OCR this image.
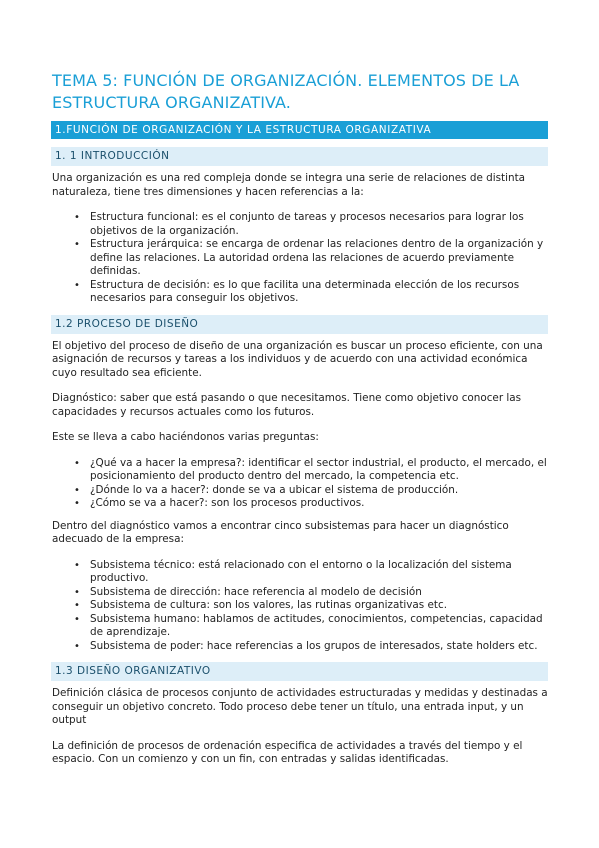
TEMA 5: FUNCIÓN DE ORGANIZACIÓN. ELEMENTOS DE LA ESTRUCTURA ORGANIZATIVA.
1.FUNCIÓN DE ORGANIZACIÓN Y LA ESTRUCTURA ORGANIZATIVA
1. 1 INTRODUCCIÓN

Una organización es una red compleja donde se integra una serie de relaciones de distinta naturaleza, tiene tres dimensiones y hacen referencias a la:

• Estructura funcional: es el conjunto de tareas y procesos necesarios para lograr los objetivos de la organización.
• Estructura jerárquica: se encarga de ordenar las relaciones dentro de la organización y define las relaciones. La autoridad ordena las relaciones de acuerdo previamente definidas.
• Estructura de decisión: es lo que facilita una determinada elección de los recursos necesarios para conseguir los objetivos.
1.2 PROCESO DE DISEÑO

El objetivo del proceso de diseño de una organización es buscar un proceso eficiente, con una asignación de recursos y tareas a los individuos y de acuerdo con una actividad económica cuyo resultado sea eficiente.

Diagnóstico: saber que está pasando o que necesitamos. Tiene como objetivo conocer las capacidades y recursos actuales como los futuros.

Este se lleva a cabo haciéndonos varias preguntas:

• ¿Qué va a hacer la empresa?: identificar el sector industrial, el producto, el mercado, el posicionamiento del producto dentro del mercado, la competencia etc.
• ¿Dónde lo va a hacer?: donde se va a ubicar el sistema de producción.
• ¿Cómo se va a hacer?: son los procesos productivos.

Dentro del diagnóstico vamos a encontrar cinco subsistemas para hacer un diagnóstico adecuado de la empresa:

• Subsistema técnico: está relacionado con el entorno o la localización del sistema productivo.
• Subsistema de dirección: hace referencia al modelo de decisión
• Subsistema de cultura: son los valores, las rutinas organizativas etc.
• Subsistema humano: hablamos de actitudes, conocimientos, competencias, capacidad de aprendizaje.
• Subsistema de poder: hace referencias a los grupos de interesados, state holders etc.
1.3 DISEÑO ORGANIZATIVO

Definición clásica de procesos conjunto de actividades estructuradas y medidas y destinadas a conseguir un objetivo concreto. Todo proceso debe tener un título, una entrada input, y un output

La definición de procesos de ordenación especifica de actividades a través del tiempo y el espacio. Con un comienzo y con un fin, con entradas y salidas identificadas.
